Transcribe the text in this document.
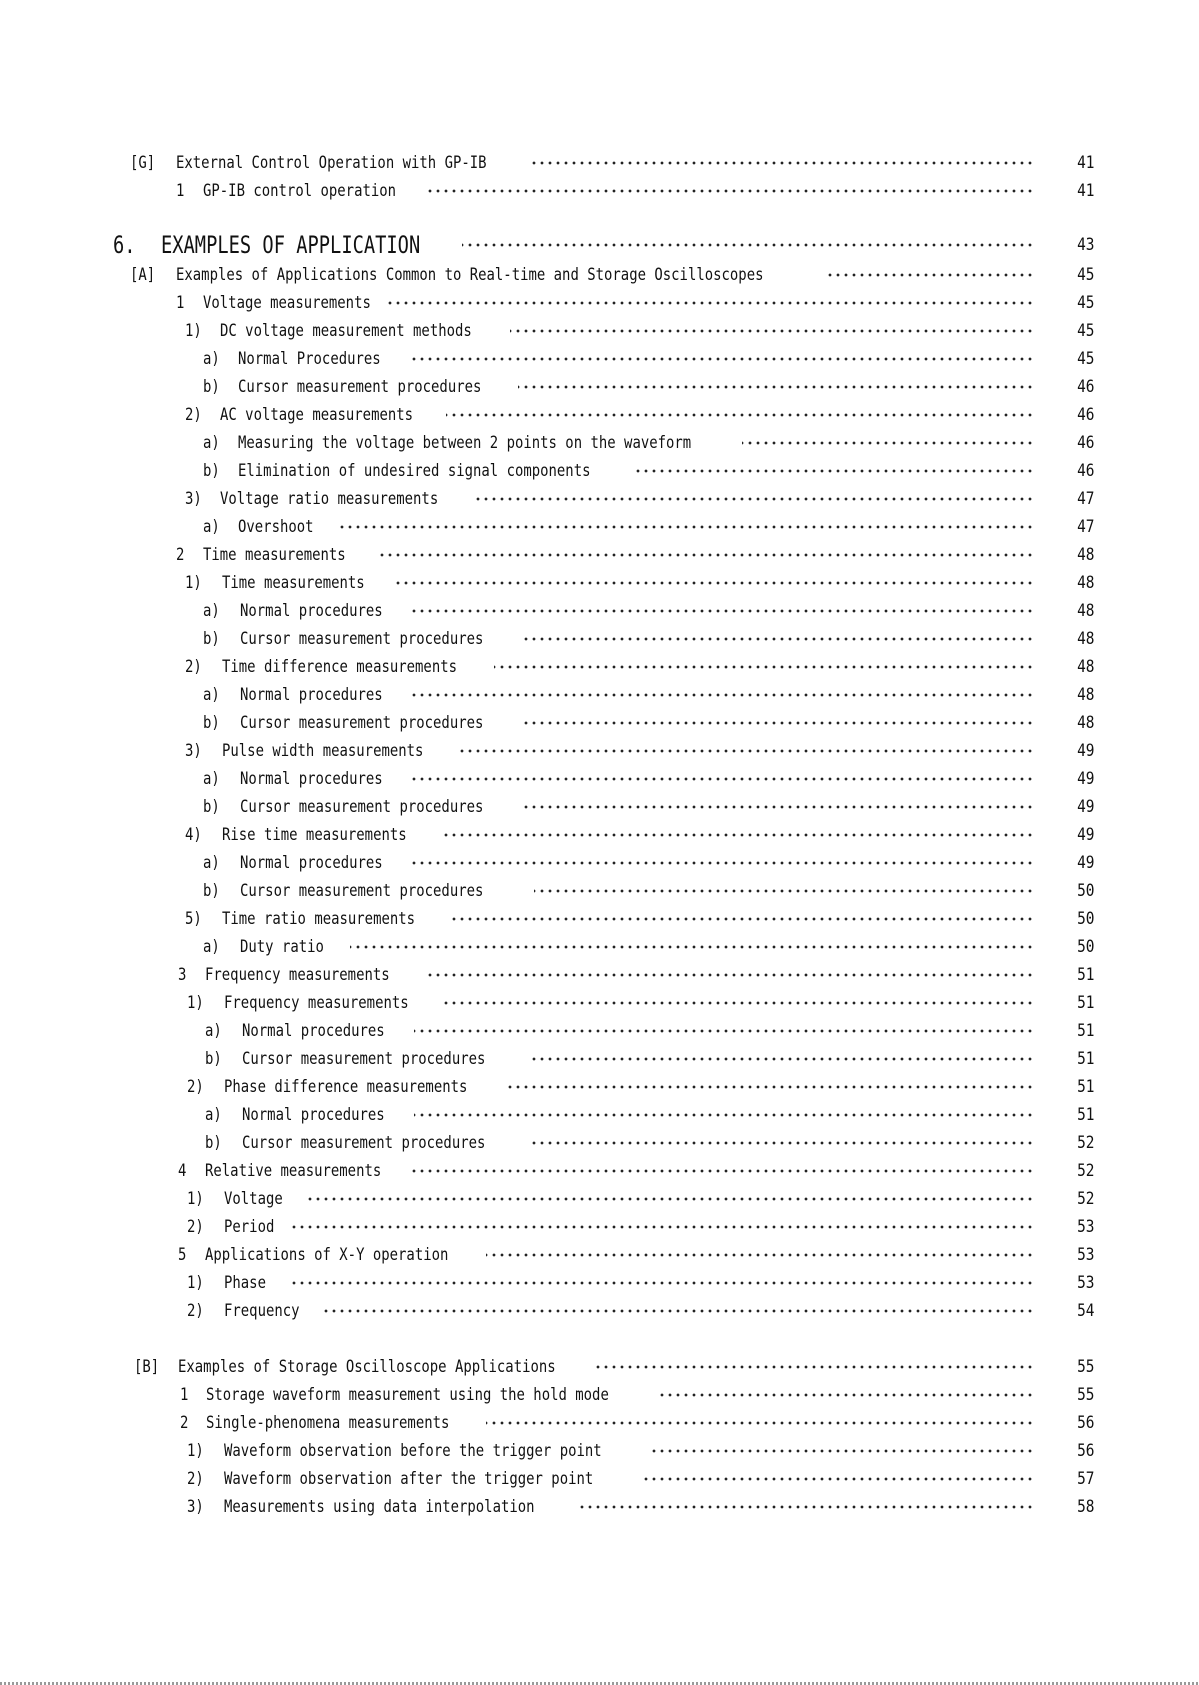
[G] External Control Operation with GP-IB	41
1 GP-IB control operation	41
6. EXAMPLES OF APPLICATION	43
[A] Examples of Applications Common to Real-time and Storage Oscilloscopes	45
1 Voltage measurements	45
1) DC voltage measurement methods	45
a) Normal Procedures	45
b) Cursor measurement procedures	46
2) AC voltage measurements	46
a) Measuring the voltage between 2 points on the waveform	46
b) Elimination of undesired signal components	46
3) Voltage ratio measurements	47
a) Overshoot	47
2 Time measurements	48
1) Time measurements	48
a) Normal procedures	48
b) Cursor measurement procedures	48
2) Time difference measurements	48
a) Normal procedures	48
b) Cursor measurement procedures	48
3) Pulse width measurements	49
a) Normal procedures	49
b) Cursor measurement procedures	49
4) Rise time measurements	49
a) Normal procedures	49
b) Cursor measurement procedures	50
5) Time ratio measurements	50
a) Duty ratio	50
3 Frequency measurements	51
1) Frequency measurements	51
a) Normal procedures	51
b) Cursor measurement procedures	51
2) Phase difference measurements	51
a) Normal procedures	51
b) Cursor measurement procedures	52
4 Relative measurements	52
1) Voltage	52
2) Period	53
5 Applications of X-Y operation	53
1) Phase	53
2) Frequency	54
[B] Examples of Storage Oscilloscope Applications	55
1 Storage waveform measurement using the hold mode	55
2 Single-phenomena measurements	56
1) Waveform observation before the trigger point	56
2) Waveform observation after the trigger point	57
3) Measurements using data interpolation	58
